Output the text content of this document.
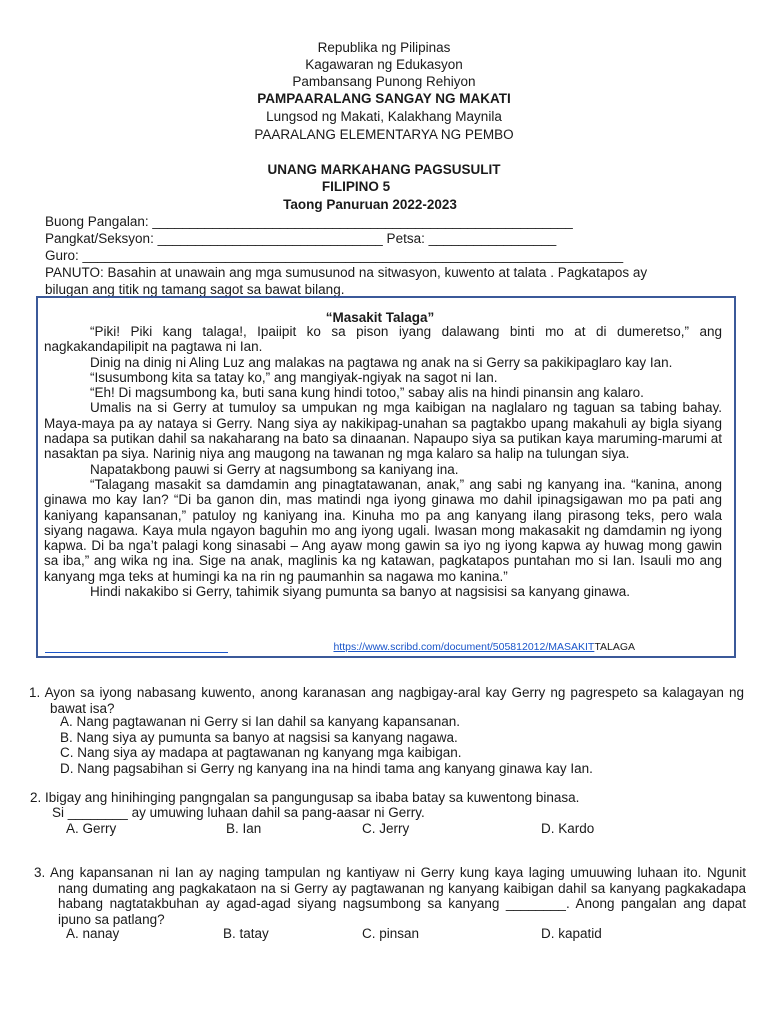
Republika ng Pilipinas
Kagawaran ng Edukasyon
Pambansang Punong Rehiyon
PAMPAARALANG SANGAY NG MAKATI
Lungsod ng Makati, Kalakhang Maynila
PAARALANG ELEMENTARYA NG PEMBO
UNANG MARKAHANG PAGSUSULIT
FILIPINO 5
Taong Panuruan 2022-2023
Buong Pangalan: ________________________________________________________
Pangkat/Seksyon: ______________________________ Petsa: _________________
Guro: ________________________________________________________________________
PANUTO: Basahin at unawain ang mga sumusunod na sitwasyon, kuwento at talata . Pagkatapos ay
bilugan ang titik ng tamang sagot sa bawat bilang.
“Masakit Talaga”

“Piki! Piki kang talaga!, Ipaiipit ko sa pison iyang dalawang binti mo at di dumeretso,” ang nagkakandapilipit na pagtawa ni Ian.

Dinig na dinig ni Aling Luz ang malakas na pagtawa ng anak na si Gerry sa pakikipaglaro kay Ian.

“Isusumbong kita sa tatay ko,” ang mangiyak-ngiyak na sagot ni Ian.

“Eh! Di magsumbong ka, buti sana kung hindi totoo,” sabay alis na hindi pinansin ang kalaro.

Umalis na si Gerry at tumuloy sa umpukan ng mga kaibigan na naglalaro ng taguan sa tabing bahay. Maya-maya pa ay nataya si Gerry. Nang siya ay nakikipag-unahan sa pagtakbo upang makahuli ay bigla siyang nadapa sa putikan dahil sa nakaharang na bato sa dinaanan. Napaupo siya sa putikan kaya maruming-marumi at nasaktan pa siya. Narinig niya ang maugong na tawanan ng mga kalaro sa halip na tulungan siya.

Napatakbong pauwi si Gerry at nagsumbong sa kaniyang ina.

“Talagang masakit sa damdamin ang pinagtatawanan, anak,” ang sabi ng kanyang ina. “kanina, anong ginawa mo kay Ian? “Di ba ganon din, mas matindi nga iyong ginawa mo dahil ipinagsigawan mo pa pati ang kaniyang kapansanan,” patuloy ng kaniyang ina. Kinuha mo pa ang kanyang ilang pirasong teks, pero wala siyang nagawa. Kaya mula ngayon baguhin mo ang iyong ugali. Iwasan mong makasakit ng damdamin ng iyong kapwa. Di ba nga’t palagi kong sinasabi – Ang ayaw mong gawin sa iyo ng iyong kapwa ay huwag mong gawin sa iba,” ang wika ng ina. Sige na anak, maglinis ka ng katawan, pagkatapos puntahan mo si Ian. Isauli mo ang kanyang mga teks at humingi ka na rin ng paumanhin sa nagawa mo kanina.”

Hindi nakakibo si Gerry, tahimik siyang pumunta sa banyo at nagsisisi sa kanyang ginawa.

https://www.scribd.com/document/505812012/MASAKITTALAGA
1. Ayon sa iyong nabasang kuwento, anong karanasan ang nagbigay-aral kay Gerry ng pagrespeto sa kalagayan ng bawat isa?
A. Nang pagtawanan ni Gerry si Ian dahil sa kanyang kapansanan.
B. Nang siya ay pumunta sa banyo at nagsisi sa kanyang nagawa.
C. Nang siya ay madapa at pagtawanan ng kanyang mga kaibigan.
D. Nang pagsabihan si Gerry ng kanyang ina na hindi tama ang kanyang ginawa kay Ian.
2. Ibigay ang hinihinging pangngalan sa pangungusap sa ibaba batay sa kuwentong binasa.
Si ________ ay umuwing luhaan dahil sa pang-aasar ni Gerry.
A. Gerry	B. Ian	C. Jerry	D. Kardo
3. Ang kapansanan ni Ian ay naging tampulan ng kantiyaw ni Gerry kung kaya laging umuuwing luhaan ito. Ngunit nang dumating ang pagkakataon na si Gerry ay pagtawanan ng kanyang kaibigan dahil sa kanyang pagkakadapa habang nagtatakbuhan ay agad-agad siyang nagsumbong sa kanyang ________. Anong pangalan ang dapat ipuno sa patlang?
A. nanay	B. tatay	C. pinsan	D. kapatid
